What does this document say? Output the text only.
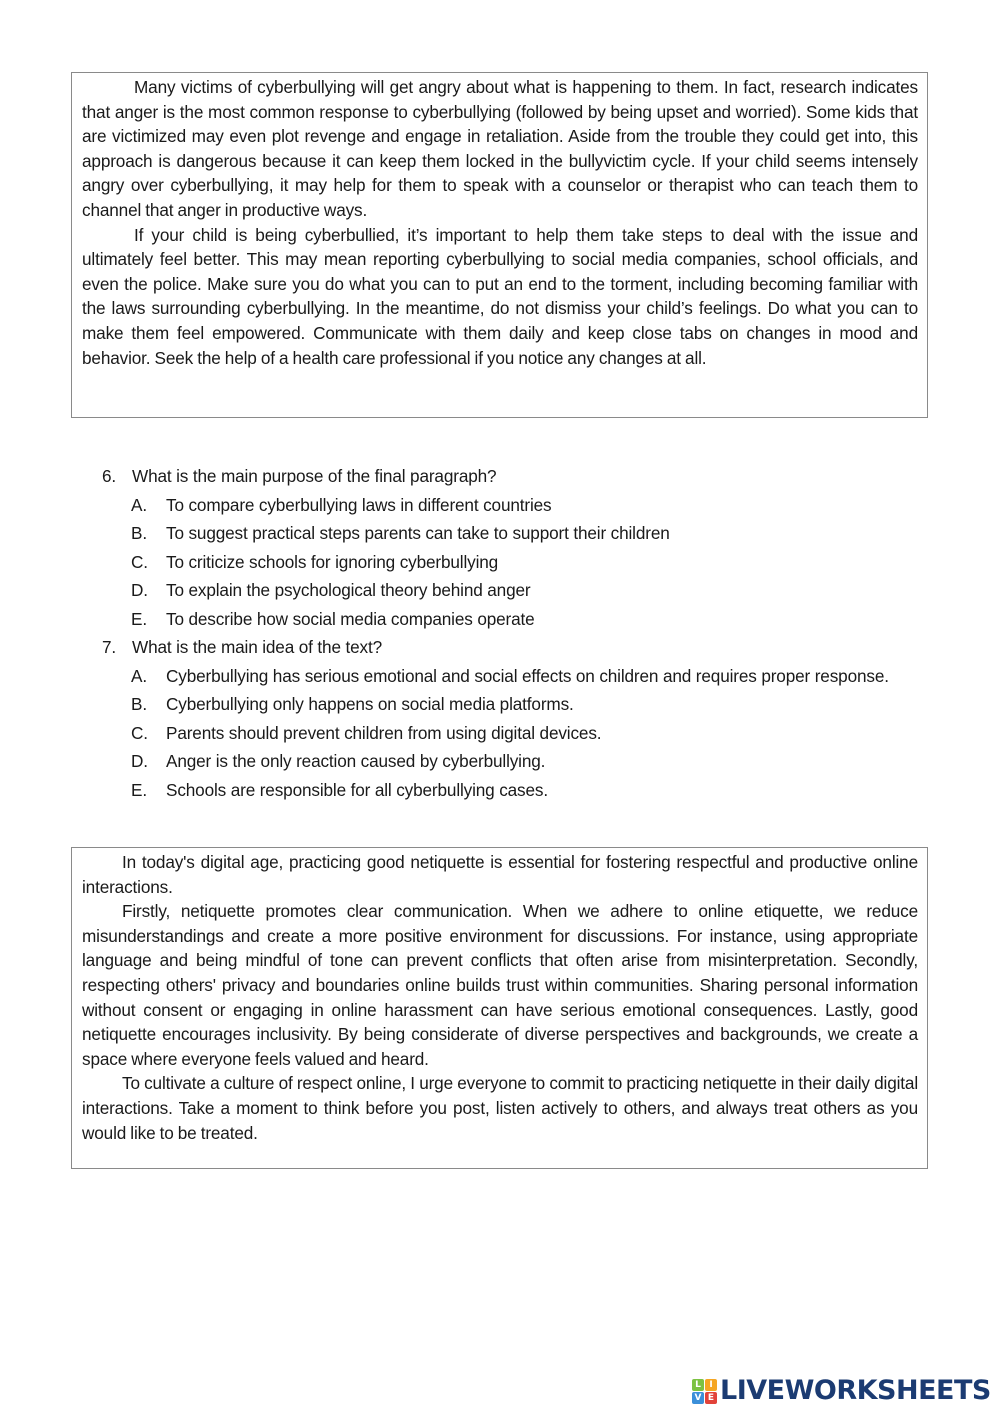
Many victims of cyberbullying will get angry about what is happening to them. In fact, research indicates that anger is the most common response to cyberbullying (followed by being upset and worried). Some kids that are victimized may even plot revenge and engage in retaliation. Aside from the trouble they could get into, this approach is dangerous because it can keep them locked in the bullyvictim cycle. If your child seems intensely angry over cyberbullying, it may help for them to speak with a counselor or therapist who can teach them to channel that anger in productive ways.

If your child is being cyberbullied, it’s important to help them take steps to deal with the issue and ultimately feel better. This may mean reporting cyberbullying to social media companies, school officials, and even the police. Make sure you do what you can to put an end to the torment, including becoming familiar with the laws surrounding cyberbullying. In the meantime, do not dismiss your child’s feelings. Do what you can to make them feel empowered. Communicate with them daily and keep close tabs on changes in mood and behavior. Seek the help of a health care professional if you notice any changes at all.

6. What is the main purpose of the final paragraph?
A.	To compare cyberbullying laws in different countries
B.	To suggest practical steps parents can take to support their children
C.	To criticize schools for ignoring cyberbullying
D.	To explain the psychological theory behind anger
E.	To describe how social media companies operate
7. What is the main idea of the text?
A.	Cyberbullying has serious emotional and social effects on children and requires proper response.
B.	Cyberbullying only happens on social media platforms.
C.	Parents should prevent children from using digital devices.
D.	Anger is the only reaction caused by cyberbullying.
E.	Schools are responsible for all cyberbullying cases.

In today's digital age, practicing good netiquette is essential for fostering respectful and productive online interactions.

Firstly, netiquette promotes clear communication. When we adhere to online etiquette, we reduce misunderstandings and create a more positive environment for discussions. For instance, using appropriate language and being mindful of tone can prevent conflicts that often arise from misinterpretation. Secondly, respecting others' privacy and boundaries online builds trust within communities. Sharing personal information without consent or engaging in online harassment can have serious emotional consequences. Lastly, good netiquette encourages inclusivity. By being considerate of diverse perspectives and backgrounds, we create a space where everyone feels valued and heard.

To cultivate a culture of respect online, I urge everyone to commit to practicing netiquette in their daily digital interactions. Take a moment to think before you post, listen actively to others, and always treat others as you would like to be treated.

L I
V E LIVEWORKSHEETS
